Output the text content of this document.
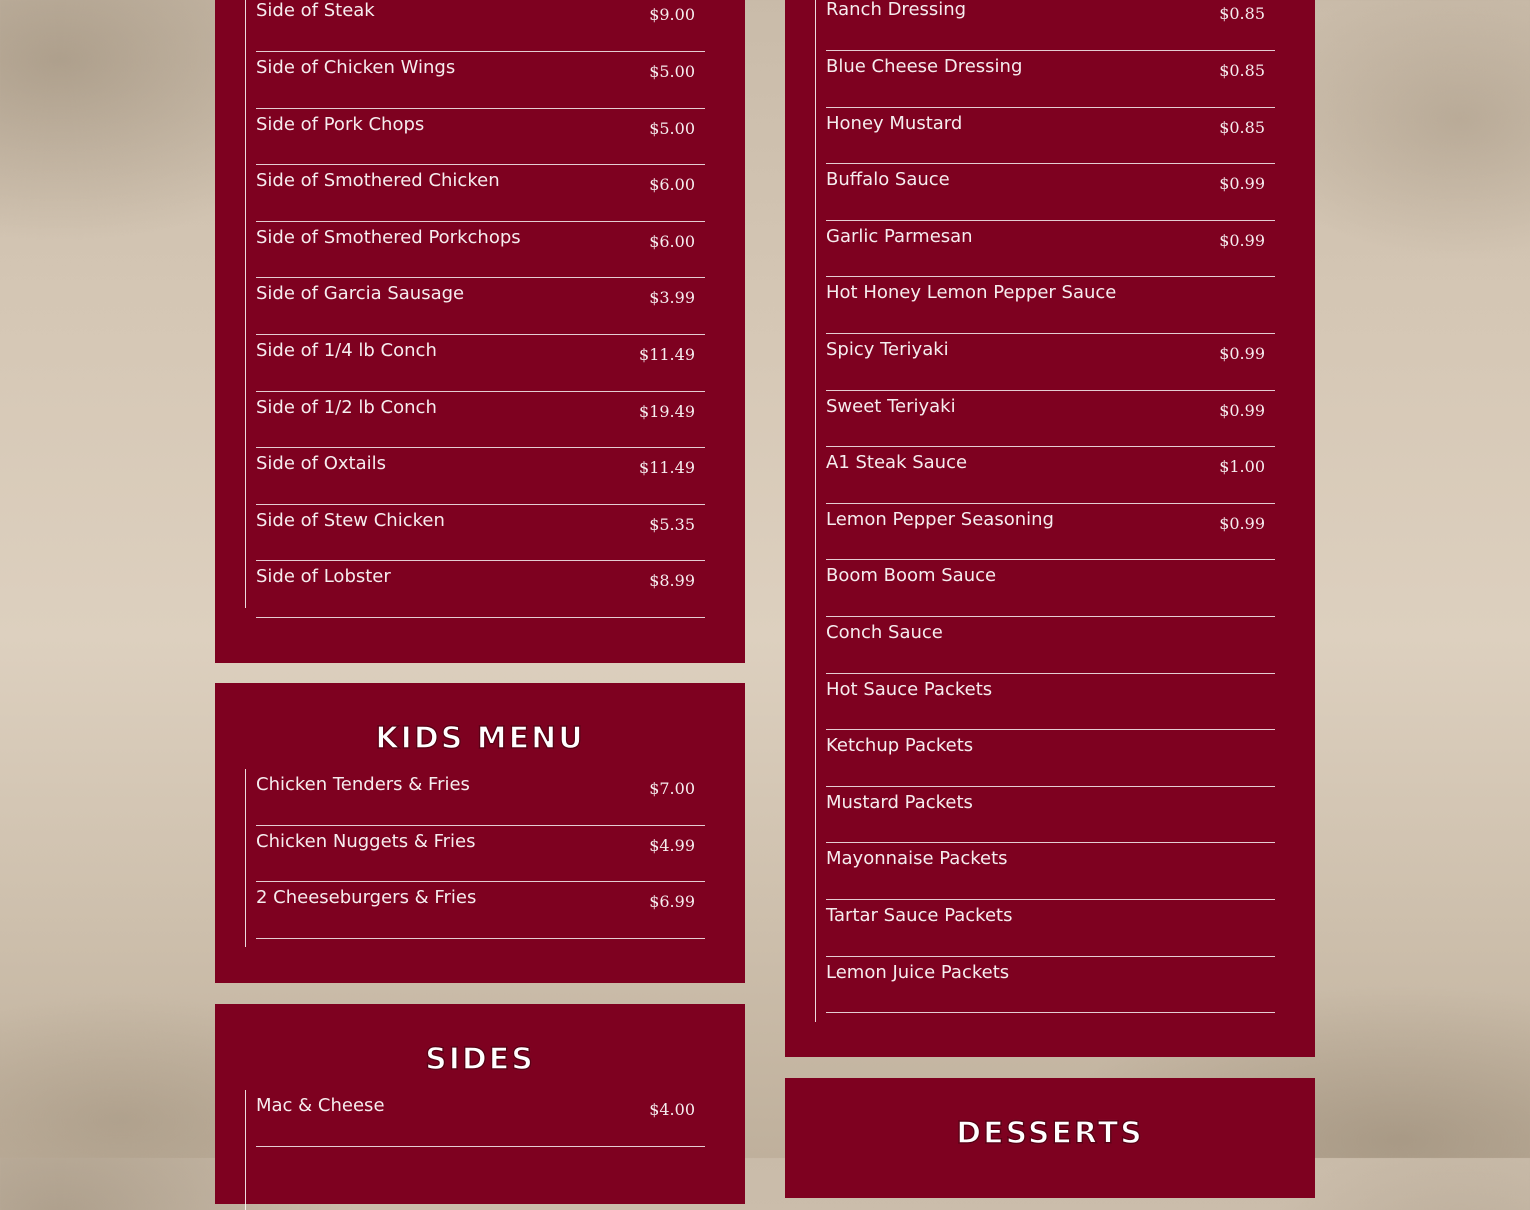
Side of Steak	$9.00
Side of Chicken Wings	$5.00
Side of Pork Chops	$5.00
Side of Smothered Chicken	$6.00
Side of Smothered Porkchops	$6.00
Side of Garcia Sausage	$3.99
Side of 1/4 lb Conch	$11.49
Side of 1/2 lb Conch	$19.49
Side of Oxtails	$11.49
Side of Stew Chicken	$5.35
Side of Lobster	$8.99
KIDS MENU
Chicken Tenders & Fries	$7.00
Chicken Nuggets & Fries	$4.99
2 Cheeseburgers & Fries	$6.99
SIDES
Mac & Cheese	$4.00
Ranch Dressing	$0.85
Blue Cheese Dressing	$0.85
Honey Mustard	$0.85
Buffalo Sauce	$0.99
Garlic Parmesan	$0.99
Hot Honey Lemon Pepper Sauce
Spicy Teriyaki	$0.99
Sweet Teriyaki	$0.99
A1 Steak Sauce	$1.00
Lemon Pepper Seasoning	$0.99
Boom Boom Sauce
Conch Sauce
Hot Sauce Packets
Ketchup Packets
Mustard Packets
Mayonnaise Packets
Tartar Sauce Packets
Lemon Juice Packets
DESSERTS
